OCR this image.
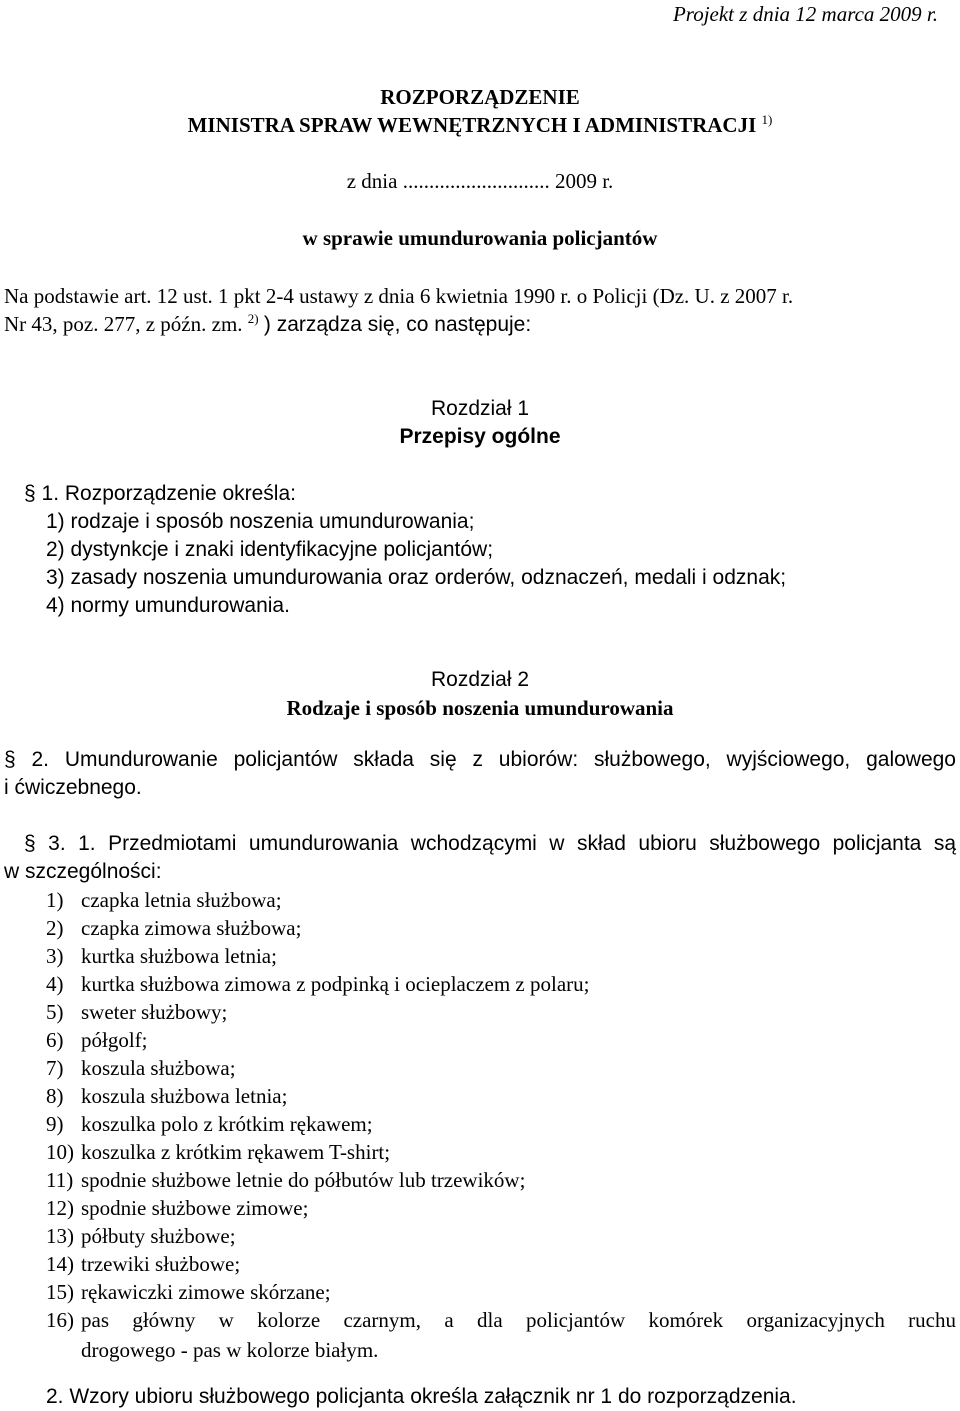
Projekt z dnia 12 marca 2009 r.
ROZPORZĄDZENIE
MINISTRA SPRAW WEWNĘTRZNYCH I ADMINISTRACJI $^{1)}$
z dnia ............................ 2009 r.
w sprawie umundurowania policjantów
Na podstawie art. 12 ust. 1 pkt 2-4 ustawy z dnia 6 kwietnia 1990 r. o Policji (Dz. U. z 2007 r.
Nr 43, poz. 277, z późn. zm. $^{2)}$ ) zarządza się, co następuje:
Rozdział 1
Przepisy ogólne
§ 1. Rozporządzenie określa:
1) rodzaje i sposób noszenia umundurowania;
2) dystynkcje i znaki identyfikacyjne policjantów;
3) zasady noszenia umundurowania oraz orderów, odznaczeń, medali i odznak;
4) normy umundurowania.
Rozdział 2
Rodzaje i sposób noszenia umundurowania
§ 2. Umundurowanie policjantów składa się z ubiorów: służbowego, wyjściowego, galowego
i ćwiczebnego.
§ 3. 1. Przedmiotami umundurowania wchodzącymi w skład ubioru służbowego policjanta są
w szczególności:
1) czapka letnia służbowa;
2) czapka zimowa służbowa;
3) kurtka służbowa letnia;
4) kurtka służbowa zimowa z podpinką i ocieplaczem z polaru;
5) sweter służbowy;
6) półgolf;
7) koszula służbowa;
8) koszula służbowa letnia;
9) koszulka polo z krótkim rękawem;
10) koszulka z krótkim rękawem T-shirt;
11) spodnie służbowe letnie do półbutów lub trzewików;
12) spodnie służbowe zimowe;
13) półbuty służbowe;
14) trzewiki służbowe;
15) rękawiczki zimowe skórzane;
16) pas główny w kolorze czarnym, a dla policjantów komórek organizacyjnych ruchu
drogowego - pas w kolorze białym.
2. Wzory ubioru służbowego policjanta określa załącznik nr 1 do rozporządzenia.
